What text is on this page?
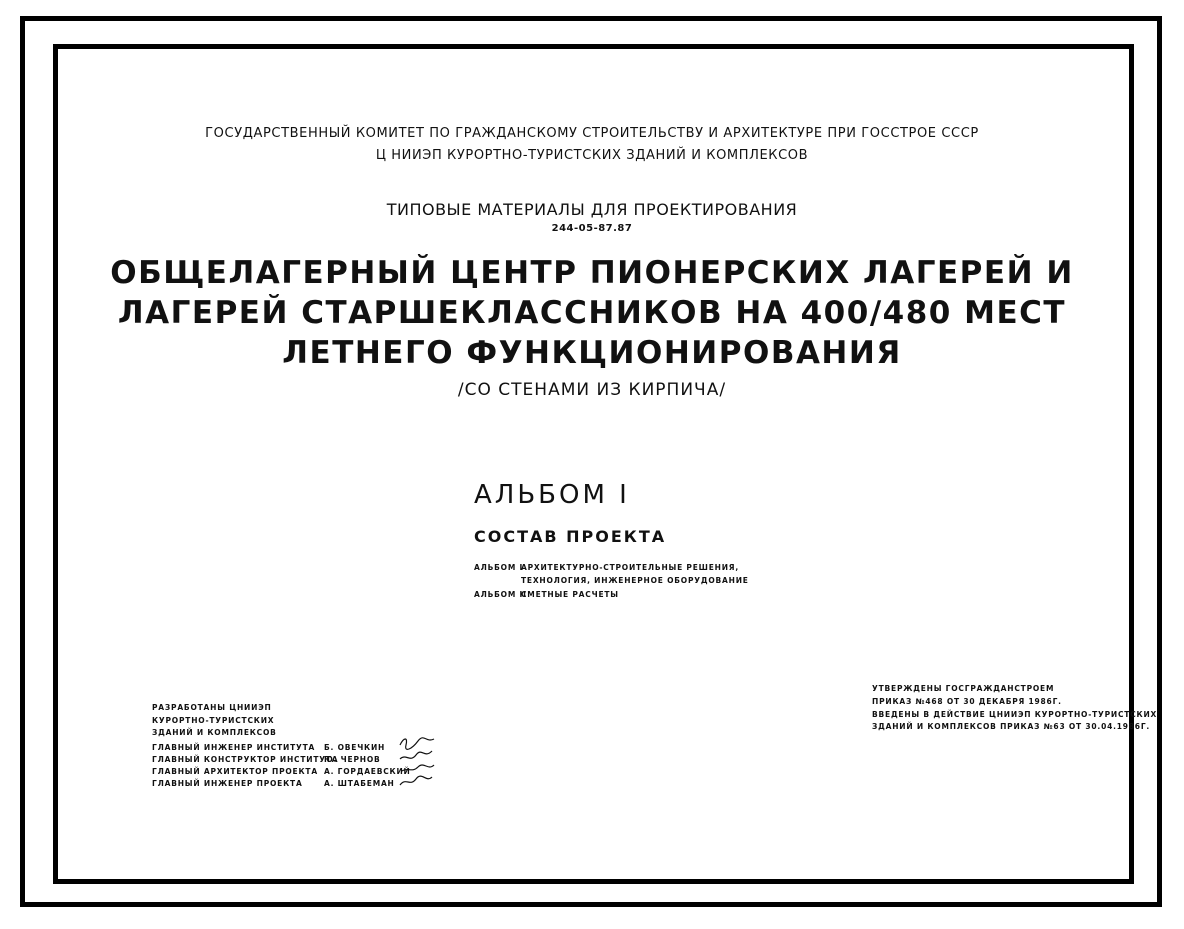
ГОСУДАРСТВЕННЫЙ КОМИТЕТ ПО ГРАЖДАНСКОМУ СТРОИТЕЛЬСТВУ И АРХИТЕКТУРЕ ПРИ ГОССТРОЕ СССР
Ц НИИЭП КУРОРТНО-ТУРИСТСКИХ ЗДАНИЙ И КОМПЛЕКСОВ
ТИПОВЫЕ МАТЕРИАЛЫ ДЛЯ ПРОЕКТИРОВАНИЯ
244-05-87.87
ОБЩЕЛАГЕРНЫЙ ЦЕНТР ПИОНЕРСКИХ ЛАГЕРЕЙ И
ЛАГЕРЕЙ СТАРШЕКЛАССНИКОВ НА 400/480 МЕСТ
ЛЕТНЕГО ФУНКЦИОНИРОВАНИЯ
/СО СТЕНАМИ ИЗ КИРПИЧА/
АЛЬБОМ I
СОСТАВ ПРОЕКТА
АЛЬБОМ I
АРХИТЕКТУРНО-СТРОИТЕЛЬНЫЕ РЕШЕНИЯ,
ТЕХНОЛОГИЯ, ИНЖЕНЕРНОЕ ОБОРУДОВАНИЕ
АЛЬБОМ II
СМЕТНЫЕ РАСЧЕТЫ
РАЗРАБОТАНЫ ЦНИИЭП
КУРОРТНО-ТУРИСТСКИХ
ЗДАНИЙ И КОМПЛЕКСОВ
ГЛАВНЫЙ ИНЖЕНЕР ИНСТИТУТА Б. ОВЕЧКИН
ГЛАВНЫЙ КОНСТРУКТОР ИНСТИТУТА
Ю. ЧЕРНОВ
ГЛАВНЫЙ АРХИТЕКТОР ПРОЕКТА А. ГОРДАЕВСКИЙ
ГЛАВНЫЙ ИНЖЕНЕР ПРОЕКТА	А. ШТАБЕМАН
УТВЕРЖДЕНЫ ГОСГРАЖДАНСТРОЕМ
ПРИКАЗ №468 ОТ 30 ДЕКАБРЯ 1986Г.
ВВЕДЕНЫ В ДЕЙСТВИЕ ЦНИИЭП КУРОРТНО-ТУРИСТСКИХ
ЗДАНИЙ И КОМПЛЕКСОВ ПРИКАЗ №63 ОТ 30.04.1986Г.
